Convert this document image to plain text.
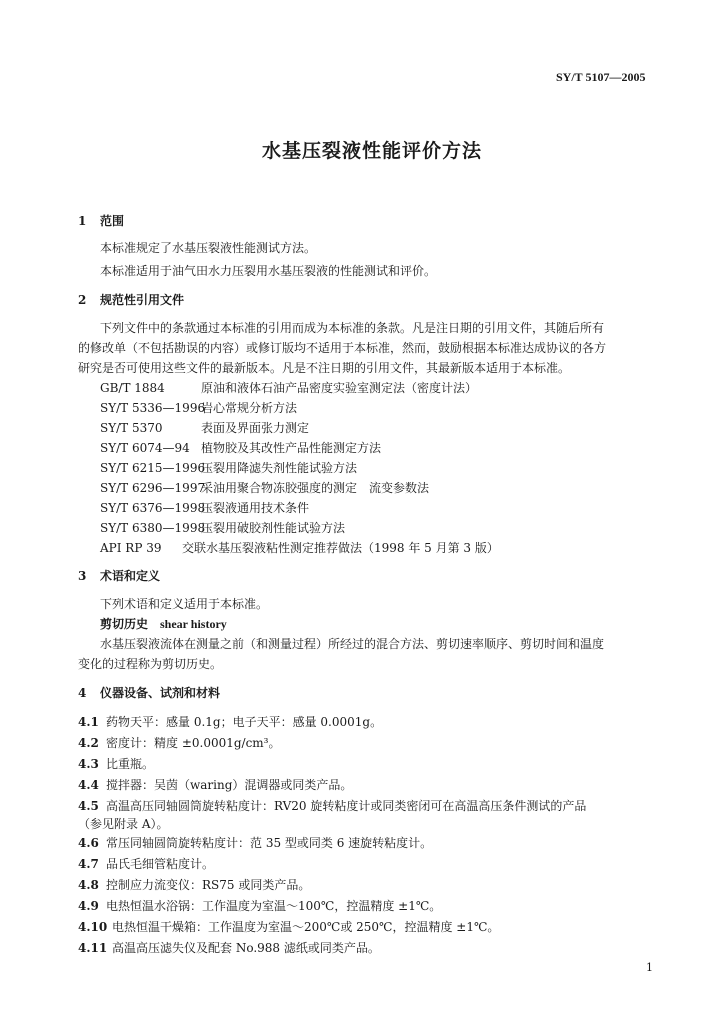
SY/T 5107—2005
水基压裂液性能评价方法
1 范围
本标准规定了水基压裂液性能测试方法。
本标准适用于油气田水力压裂用水基压裂液的性能测试和评价。
2 规范性引用文件
下列文件中的条款通过本标准的引用而成为本标准的条款。凡是注日期的引用文件，其随后所有
的修改单（不包括勘误的内容）或修订版均不适用于本标准，然而，鼓励根据本标准达成协议的各方
研究是否可使用这些文件的最新版本。凡是不注日期的引用文件，其最新版本适用于本标准。
GB/T 1884	原油和液体石油产品密度实验室测定法（密度计法）
SY/T 5336—1996岩心常规分析方法
SY/T 5370	表面及界面张力测定
SY/T 6074—94 植物胶及其改性产品性能测定方法
SY/T 6215—1996压裂用降滤失剂性能试验方法
SY/T 6296—1997采油用聚合物冻胶强度的测定　流变参数法
SY/T 6376—1998压裂液通用技术条件
SY/T 6380—1998压裂用破胶剂性能试验方法
API RP 39 交联水基压裂液粘性测定推荐做法（1998 年 5 月第 3 版）
3 术语和定义
下列术语和定义适用于本标准。
剪切历史 shear history
水基压裂液流体在测量之前（和测量过程）所经过的混合方法、剪切速率顺序、剪切时间和温度
变化的过程称为剪切历史。
4 仪器设备、试剂和材料
4.1 药物天平：感量 0.1g；电子天平：感量 0.0001g。
4.2 密度计：精度 ±0.0001g/cm³。
4.3 比重瓶。
4.4 搅拌器：吴茵（waring）混调器或同类产品。
4.5 高温高压同轴圆筒旋转粘度计：RV20 旋转粘度计或同类密闭可在高温高压条件测试的产品
（参见附录 A）。
4.6 常压同轴圆筒旋转粘度计：范 35 型或同类 6 速旋转粘度计。
4.7 品氏毛细管粘度计。
4.8 控制应力流变仪：RS75 或同类产品。
4.9 电热恒温水浴锅：工作温度为室温～100℃，控温精度 ±1℃。
4.10 电热恒温干燥箱：工作温度为室温～200℃或 250℃，控温精度 ±1℃。
4.11 高温高压滤失仪及配套 No.988 滤纸或同类产品。
1
